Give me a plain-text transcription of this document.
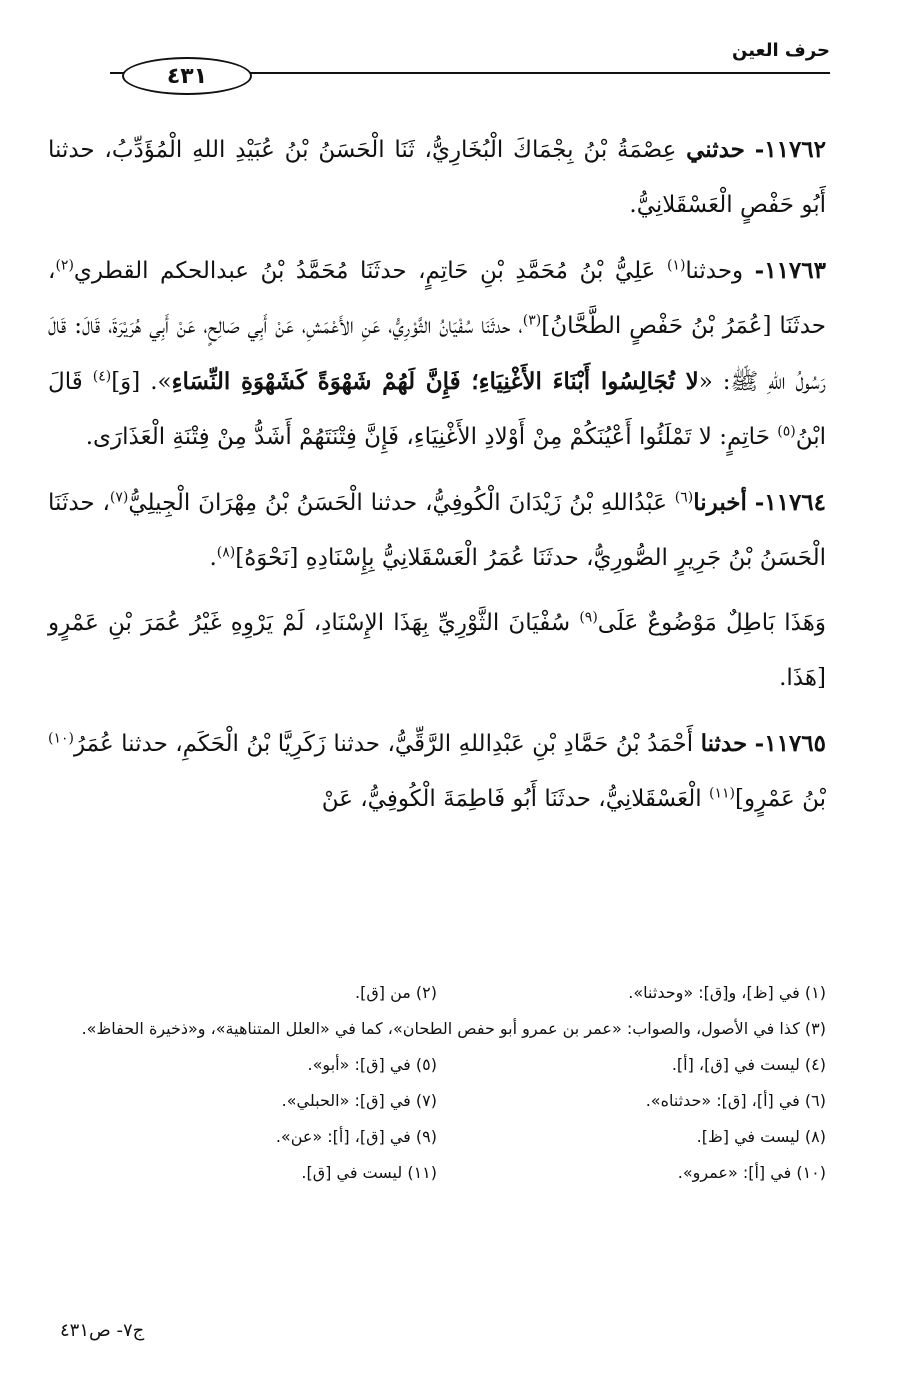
حرف العين
٤٣١

١١٧٦٢- حدثني عِصْمَةُ بْنُ بِجْمَاكَ الْبُخَارِيُّ، ثَنَا الْحَسَنُ بْنُ عُبَيْدِ اللهِ الْمُؤَدِّبُ، حدثنا أَبُو حَفْصٍ الْعَسْقَلانِيُّ.

١١٧٦٣- وحدثنا$^{(١)}$ عَلِيُّ بْنُ مُحَمَّدِ بْنِ حَاتِمٍ، حدثَنَا مُحَمَّدُ بْنُ عبدالحكم القطري$^{(٢)}$، حدثَنَا [عُمَرُ بْنُ حَفْصٍ الطَّحَّانُ]$^{(٣)}$، حدثَنَا سُفْيَانُ الثَّوْرِيُّ، عَنِ الأَعْمَشِ، عَنْ أَبِي صَالِحٍ، عَنْ أَبِي هُرَيْرَةَ، قَالَ: قَالَ رَسُولُ اللهِ ﷺ: «لا تُجَالِسُوا أَبْنَاءَ الأَغْنِيَاءِ؛ فَإِنَّ لَهُمْ شَهْوَةً كَشَهْوَةِ النِّسَاءِ». [وَ]$^{(٤)}$ قَالَ ابْنُ$^{(٥)}$ حَاتِمٍ: لا تَمْلَئُوا أَعْيُنَكُمْ مِنْ أَوْلادِ الأَغْنِيَاءِ، فَإِنَّ فِتْنَتَهُمْ أَشَدُّ مِنْ فِتْنَةِ الْعَذَارَى.

١١٧٦٤- أخبرنا$^{(٦)}$ عَبْدُاللهِ بْنُ زَيْدَانَ الْكُوفِيُّ، حدثنا الْحَسَنُ بْنُ مِهْرَانَ الْجِيلِيُّ$^{(٧)}$، حدثَنَا الْحَسَنُ بْنُ جَرِيرٍ الصُّورِيُّ، حدثَنَا عُمَرُ الْعَسْقَلانِيُّ بِإِسْنَادِهِ [نَحْوَهُ]$^{(٨)}$.

وَهَذَا بَاطِلٌ مَوْضُوعٌ عَلَى$^{(٩)}$ سُفْيَانَ الثَّوْرِيِّ بِهَذَا الإِسْنَادِ، لَمْ يَرْوِهِ غَيْرُ عُمَرَ بْنِ عَمْرٍو [هَذَا.

١١٧٦٥- حدثنا أَحْمَدُ بْنُ حَمَّادِ بْنِ عَبْدِاللهِ الرَّقِّيُّ، حدثنا زَكَرِيَّا بْنُ الْحَكَمِ، حدثنا عُمَرُ$^{(١٠)}$ بْنُ عَمْرٍو]$^{(١١)}$ الْعَسْقَلانِيُّ، حدثَنَا أَبُو فَاطِمَةَ الْكُوفِيُّ، عَنْ

(١) في [ظ]، و[ق]: «وحدثنا».
(٢) من [ق].
(٣) كذا في الأصول، والصواب: «عمر بن عمرو أبو حفص الطحان»، كما في «العلل المتناهية»، و«ذخيرة الحفاظ».
(٤) ليست في [ق]، [أ].
(٥) في [ق]: «أبو».
(٦) في [أ]، [ق]: «حدثناه».
(٧) في [ق]: «الحبلي».
(٨) ليست في [ظ].
(٩) في [ق]، [أ]: «عن».
(١٠) في [أ]: «عمرو».
(١١) ليست في [ق].
ج٧- ص٤٣١
